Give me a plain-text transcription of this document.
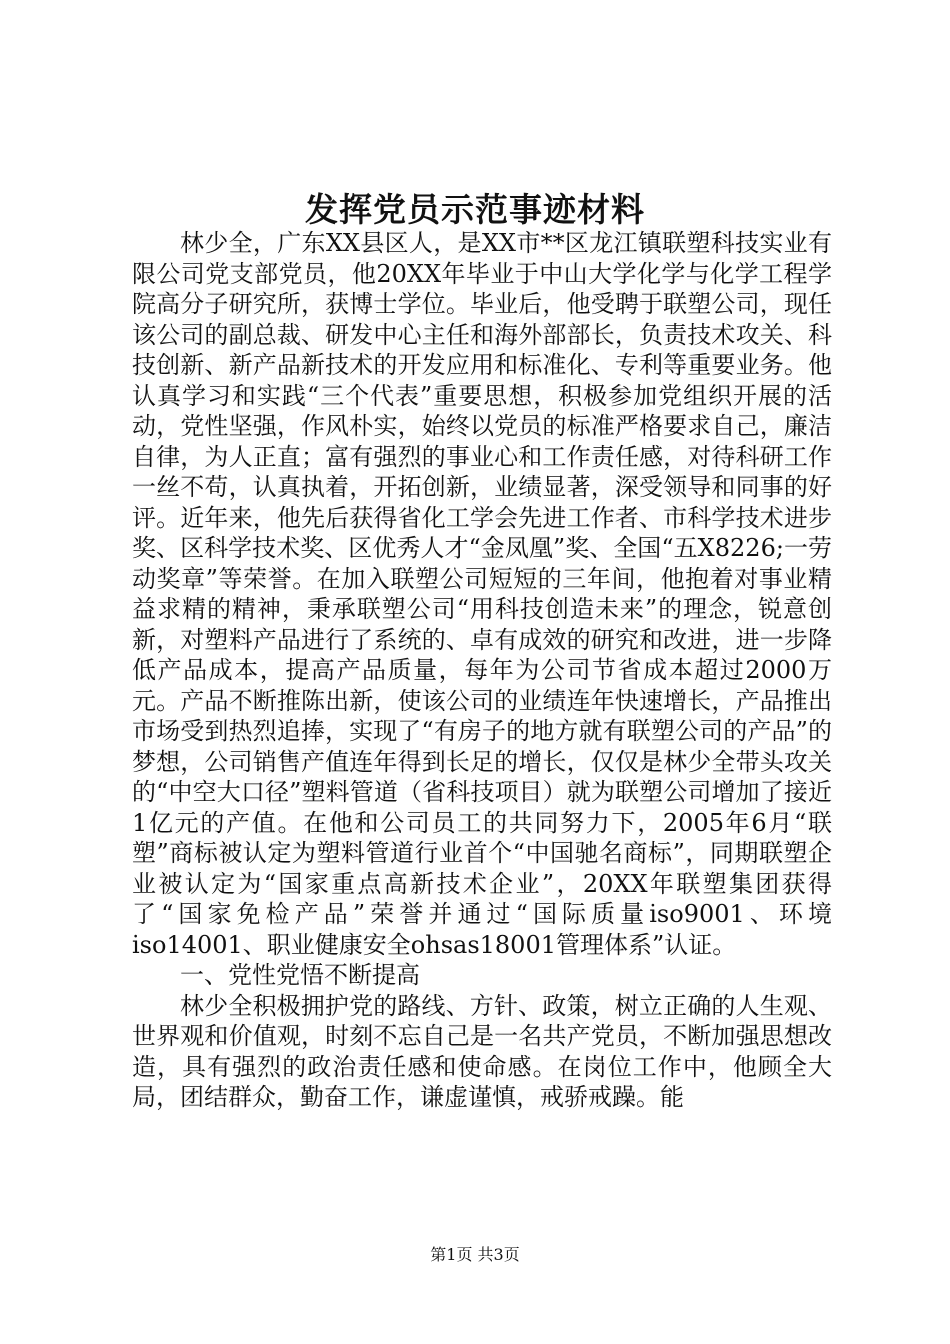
发挥党员示范事迹材料

林少全，广东XX县区人，是XX市**区龙江镇联塑科技实业有限公司党支部党员，他20XX年毕业于中山大学化学与化学工程学院高分子研究所，获博士学位。毕业后，他受聘于联塑公司，现任该公司的副总裁、研发中心主任和海外部部长，负责技术攻关、科技创新、新产品新技术的开发应用和标准化、专利等重要业务。他认真学习和实践“三个代表”重要思想，积极参加党组织开展的活动，党性坚强，作风朴实，始终以党员的标准严格要求自己，廉洁自律，为人正直；富有强烈的事业心和工作责任感，对待科研工作一丝不苟，认真执着，开拓创新，业绩显著，深受领导和同事的好评。近年来，他先后获得省化工学会先进工作者、市科学技术进步奖、区科学技术奖、区优秀人才“金凤凰”奖、全国“五X8226;一劳动奖章”等荣誉。在加入联塑公司短短的三年间，他抱着对事业精益求精的精神，秉承联塑公司“用科技创造未来”的理念，锐意创新，对塑料产品进行了系统的、卓有成效的研究和改进，进一步降低产品成本，提高产品质量，每年为公司节省成本超过2000万元。产品不断推陈出新，使该公司的业绩连年快速增长，产品推出市场受到热烈追捧，实现了“有房子的地方就有联塑公司的产品”的梦想，公司销售产值连年得到长足的增长，仅仅是林少全带头攻关的“中空大口径”塑料管道（省科技项目）就为联塑公司增加了接近1亿元的产值。在他和公司员工的共同努力下，2005年6月“联塑”商标被认定为塑料管道行业首个“中国驰名商标”，同期联塑企业被认定为“国家重点高新技术企业”，20XX年联塑集团获得了“国家免检产品”荣誉并通过“国际质量iso9001、环境iso14001、职业健康安全ohsas18001管理体系”认证。

一、党性党悟不断提高

林少全积极拥护党的路线、方针、政策，树立正确的人生观、世界观和价值观，时刻不忘自己是一名共产党员，不断加强思想改造，具有强烈的政治责任感和使命感。在岗位工作中，他顾全大局，团结群众，勤奋工作，谦虚谨慎，戒骄戒躁。能

第1页 共3页
